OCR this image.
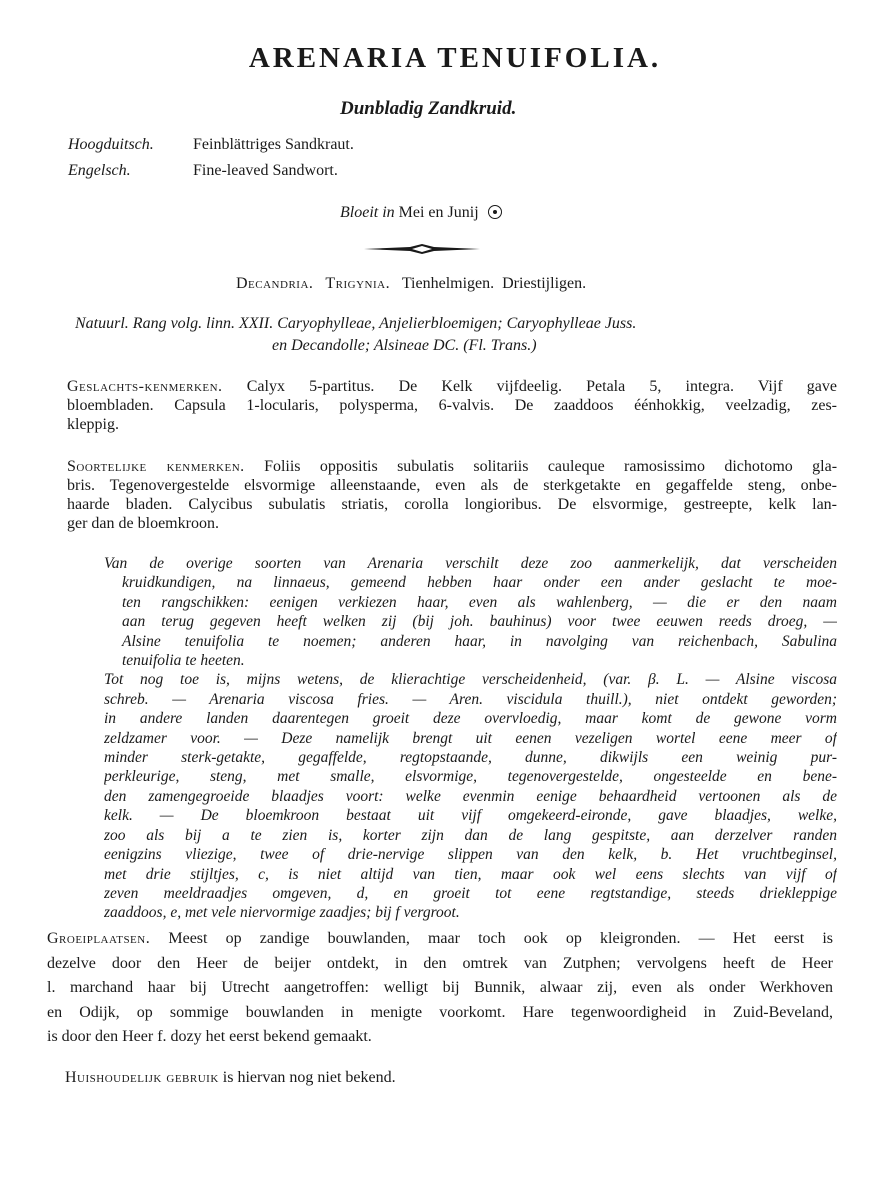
ARENARIA TENUIFOLIA.
Dunbladig Zandkruid.
Hoogduitsch. Feinblättriges Sandkraut.
Engelsch.	Fine-leaved Sandwort.
Bloeit in Mei en Junij
Decandria. Trigynia. Tienhelmigen. Driestijligen.
Natuurl. Rang volg. linn. XXII. Caryophylleae, Anjelierbloemigen; Caryophylleae Juss.
en Decandolle; Alsineae DC. (Fl. Trans.)
Geslachts-kenmerken. Calyx 5-partitus. De Kelk vijfdeelig. Petala 5, integra. Vijf gave
bloembladen. Capsula 1-locularis, polysperma, 6-valvis. De zaaddoos éénhokkig, veelzadig, zes-
kleppig.
Soortelijke kenmerken. Foliis oppositis subulatis solitariis cauleque ramosissimo dichotomo gla-
bris. Tegenovergestelde elsvormige alleenstaande, even als de sterkgetakte en gegaffelde steng, onbe-
haarde bladen. Calycibus subulatis striatis, corolla longioribus. De elsvormige, gestreepte, kelk lan-
ger dan de bloemkroon.
Van de overige soorten van Arenaria verschilt deze zoo aanmerkelijk, dat verscheiden
kruidkundigen, na linnaeus, gemeend hebben haar onder een ander geslacht te moe-
ten rangschikken: eenigen verkiezen haar, even als wahlenberg, — die er den naam
aan terug gegeven heeft welken zij (bij joh. bauhinus) voor twee eeuwen reeds droeg, —
Alsine tenuifolia te noemen; anderen haar, in navolging van reichenbach, Sabulina
tenuifolia te heeten.
Tot nog toe is, mijns wetens, de klierachtige verscheidenheid, (var. β. L. — Alsine viscosa
schreb. — Arenaria viscosa fries. — Aren. viscidula thuill.), niet ontdekt geworden;
in andere landen daarentegen groeit deze overvloedig, maar komt de gewone vorm
zeldzamer voor. — Deze namelijk brengt uit eenen vezeligen wortel eene meer of
minder sterk-getakte, gegaffelde, regtopstaande, dunne, dikwijls een weinig pur-
perkleurige, steng, met smalle, elsvormige, tegenovergestelde, ongesteelde en bene-
den zamengegroeide blaadjes voort: welke evenmin eenige behaardheid vertoonen als de
kelk. — De bloemkroon bestaat uit vijf omgekeerd-eironde, gave blaadjes, welke,
zoo als bij a te zien is, korter zijn dan de lang gespitste, aan derzelver randen
eenigzins vliezige, twee of drie-nervige slippen van den kelk, b. Het vruchtbeginsel,
met drie stijltjes, c, is niet altijd van tien, maar ook wel eens slechts van vijf of
zeven meeldraadjes omgeven, d, en groeit tot eene regtstandige, steeds driekleppige
zaaddoos, e, met vele niervormige zaadjes; bij f vergroot.
Groeiplaatsen. Meest op zandige bouwlanden, maar toch ook op kleigronden. — Het eerst is
dezelve door den Heer de beijer ontdekt, in den omtrek van Zutphen; vervolgens heeft de Heer
l. marchand haar bij Utrecht aangetroffen: welligt bij Bunnik, alwaar zij, even als onder Werkhoven
en Odijk, op sommige bouwlanden in menigte voorkomt. Hare tegenwoordigheid in Zuid-Beveland,
is door den Heer f. dozy het eerst bekend gemaakt.
Huishoudelijk gebruik is hiervan nog niet bekend.
